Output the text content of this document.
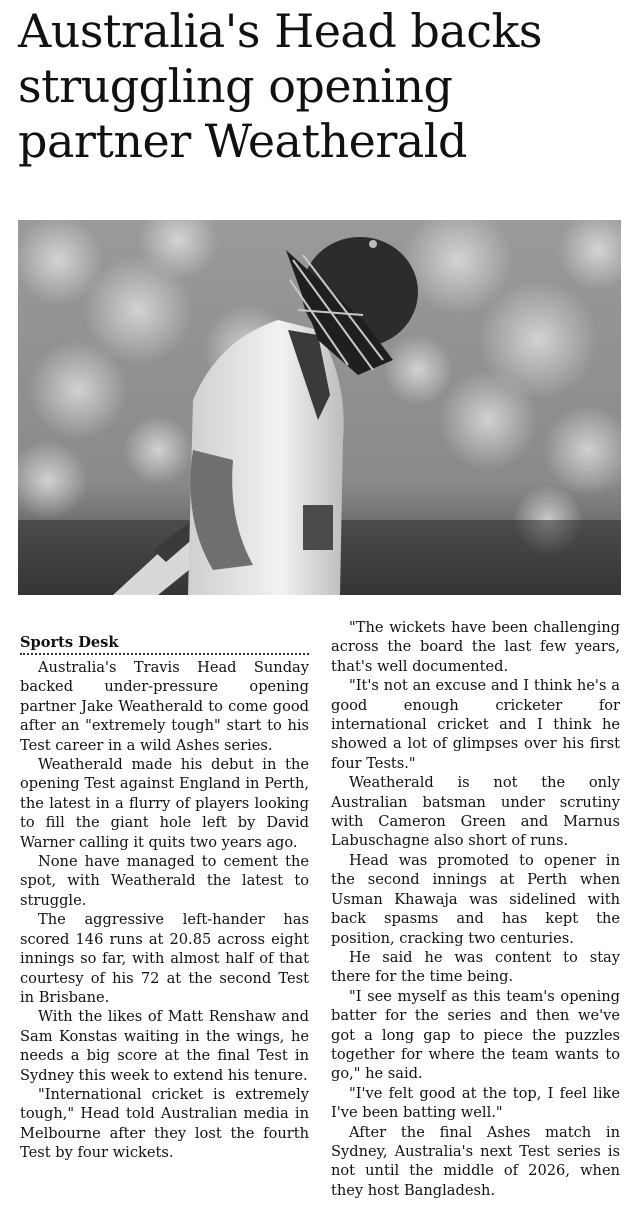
Australia's Head backs struggling opening partner Weatherald
Sports Desk

Australia's Travis Head Sunday backed under-pressure opening partner Jake Weatherald to come good after an "extremely tough" start to his Test career in a wild Ashes series.

Weatherald made his debut in the opening Test against England in Perth, the latest in a flurry of players looking to fill the giant hole left by David Warner calling it quits two years ago.

None have managed to cement the spot, with Weatherald the latest to struggle.

The aggressive left-hander has scored 146 runs at 20.85 across eight innings so far, with almost half of that courtesy of his 72 at the second Test in Brisbane.

With the likes of Matt Renshaw and Sam Konstas waiting in the wings, he needs a big score at the final Test in Sydney this week to extend his tenure.

"International cricket is extremely tough," Head told Australian media in Melbourne after they lost the fourth Test by four wickets.

"The wickets have been challenging across the board the last few years, that's well documented.

"It's not an excuse and I think he's a good enough cricketer for international cricket and I think he showed a lot of glimpses over his first four Tests."

Weatherald is not the only Australian batsman under scrutiny with Cameron Green and Marnus Labuschagne also short of runs.

Head was promoted to opener in the second innings at Perth when Usman Khawaja was sidelined with back spasms and has kept the position, cracking two centuries.

He said he was content to stay there for the time being.

"I see myself as this team's opening batter for the series and then we've got a long gap to piece the puzzles together for where the team wants to go," he said.

"I've felt good at the top, I feel like I've been batting well."

After the final Ashes match in Sydney, Australia's next Test series is not until the middle of 2026, when they host Bangladesh.
